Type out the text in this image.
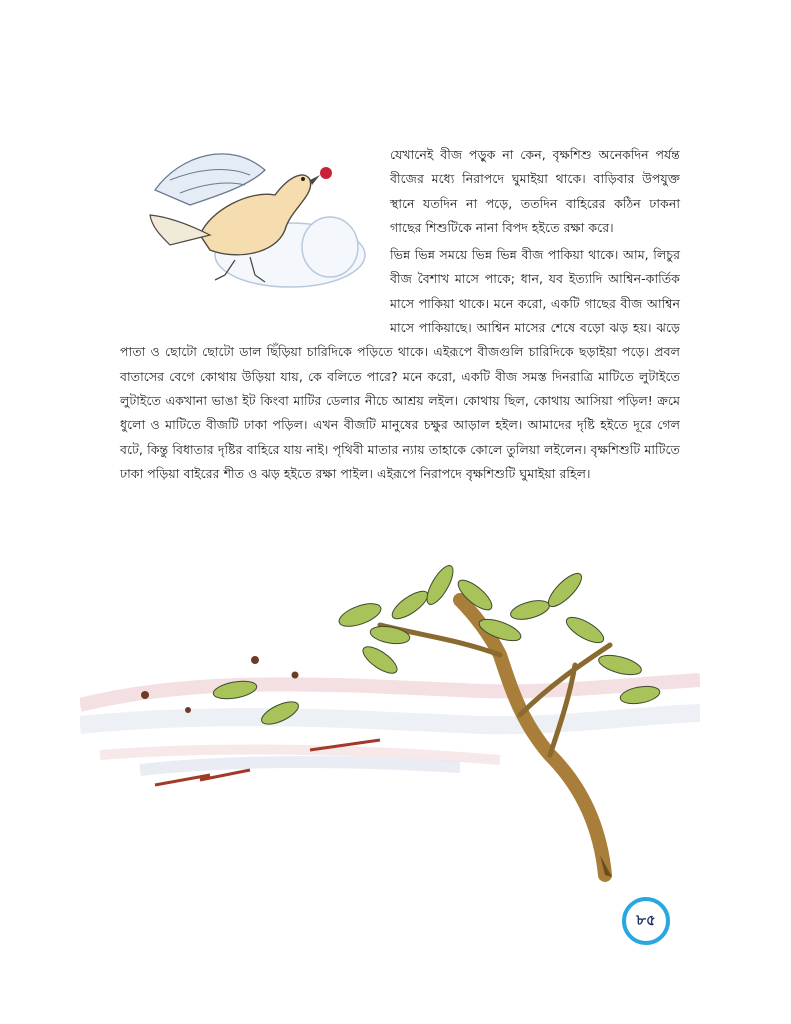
যেখানেই বীজ পড়ুক না কেন, বৃক্ষশিশু অনেকদিন পর্যন্ত বীজের মধ্যে নিরাপদে ঘুমাইয়া থাকে। বাড়িবার উপযুক্ত স্থানে যতদিন না পড়ে, ততদিন বাহিরের কঠিন ঢাকনা গাছের শিশুটিকে নানা বিপদ হইতে রক্ষা করে।

ভিন্ন ভিন্ন সময়ে ভিন্ন ভিন্ন বীজ পাকিয়া থাকে। আম, লিচুর বীজ বৈশাখ মাসে পাকে; ধান, যব ইত্যাদি আশ্বিন-কার্তিক মাসে পাকিয়া থাকে। মনে করো, একটি গাছের বীজ আশ্বিন মাসে পাকিয়াছে। আশ্বিন মাসের শেষে বড়ো ঝড় হয়। ঝড়ে পাতা ও ছোটো ছোটো ডাল ছিঁড়িয়া চারিদিকে পড়িতে থাকে। এইরূপে বীজগুলি চারিদিকে ছড়াইয়া পড়ে। প্রবল বাতাসের বেগে কোথায় উড়িয়া যায়, কে বলিতে পারে? মনে করো, একটি বীজ সমস্ত দিনরাত্রি মাটিতে লুটাইতে লুটাইতে একখানা ভাঙা ইট কিংবা মাটির ডেলার নীচে আশ্রয় লইল। কোথায় ছিল, কোথায় আসিয়া পড়িল! ক্রমে ধুলো ও মাটিতে বীজটি ঢাকা পড়িল। এখন বীজটি মানুষের চক্ষুর আড়াল হইল। আমাদের দৃষ্টি হইতে দূরে গেল বটে, কিন্তু বিধাতার দৃষ্টির বাহিরে যায় নাই। পৃথিবী মাতার ন্যায় তাহাকে কোলে তুলিয়া লইলেন। বৃক্ষশিশুটি মাটিতে ঢাকা পড়িয়া বাইরের শীত ও ঝড় হইতে রক্ষা পাইল। এইরূপে নিরাপদে বৃক্ষশিশুটি ঘুমাইয়া রহিল।

৮৫
